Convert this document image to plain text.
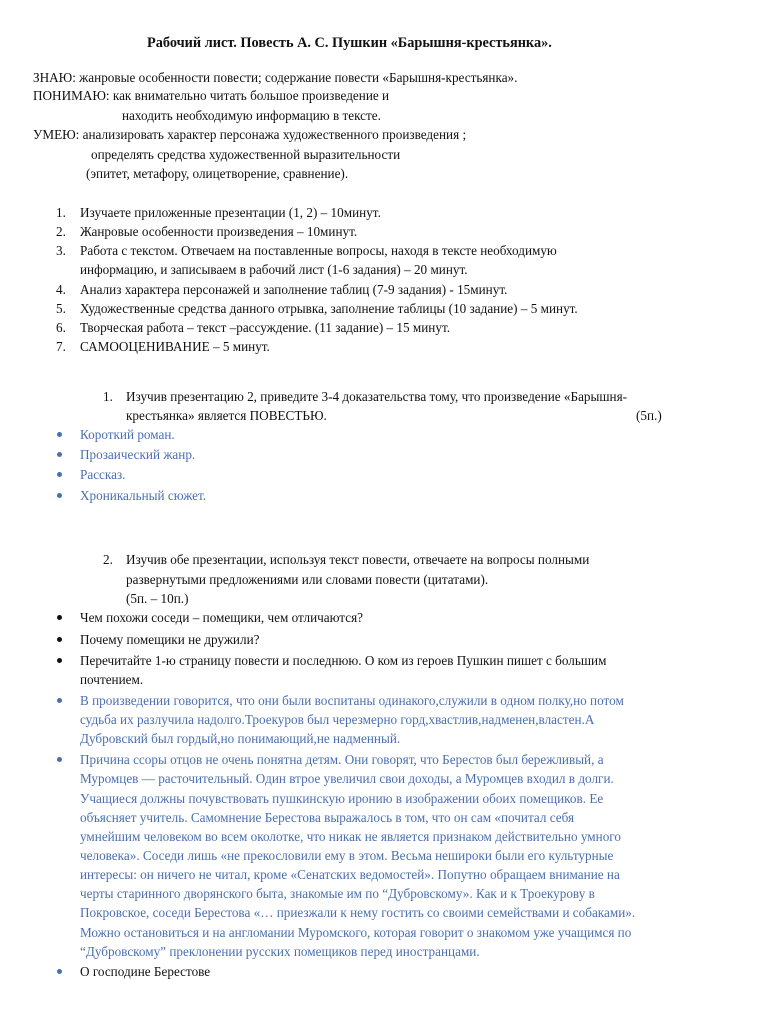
Рабочий лист. Повесть А. С. Пушкин «Барышня-крестьянка».
ЗНАЮ: жанровые особенности повести; содержание повести «Барышня-крестьянка».
ПОНИМАЮ: как внимательно читать большое произведение и
находить необходимую информацию в тексте.
УМЕЮ: анализировать характер персонажа художественного произведения ;
определять средства художественной выразительности
(эпитет, метафору, олицетворение, сравнение).
1. Изучаете приложенные презентации (1, 2) – 10минут.
2. Жанровые особенности произведения – 10минут.
3. Работа с текстом. Отвечаем на поставленные вопросы, находя в тексте необходимую
информацию, и записываем в рабочий лист (1-6 задания) – 20 минут.
4. Анализ характера персонажей и заполнение таблиц (7-9 задания) - 15минут.
5. Художественные средства данного отрывка, заполнение таблицы (10 задание) – 5 минут.
6. Творческая работа – текст –рассуждение. (11 задание) – 15 минут.
7. САМООЦЕНИВАНИЕ – 5 минут.
1. Изучив презентацию 2, приведите 3-4 доказательства тому, что произведение «Барышня-
крестьянка» является ПОВЕСТЬЮ.	(5п.)
Короткий роман.
Прозаический жанр.
Рассказ.
Хроникальный сюжет.
2. Изучив обе презентации, используя текст повести, отвечаете на вопросы полными
развернутыми предложениями или словами повести (цитатами).
(5п. – 10п.)
Чем похожи соседи – помещики, чем отличаются?
Почему помещики не дружили?
Перечитайте 1-ю страницу повести и последнюю. О ком из героев Пушкин пишет с большим
почтением.
В произведении говорится, что они были воспитаны одинакого,служили в одном полку,но потом
судьба их разлучила надолго.Троекуров был черезмерно горд,хвастлив,надменен,властен.А
Дубровский был гордый,но понимающий,не надменный.
Причина ссоры отцов не очень понятна детям. Они говорят, что Берестов был бережливый, а
Муромцев — расточительный. Один втрое увеличил свои доходы, а Муромцев входил в долги.
Учащиеся должны почувствовать пушкинскую иронию в изображении обоих помещиков. Ее
объясняет учитель. Самомнение Берестова выражалось в том, что он сам «почитал себя
умнейшим человеком во всем околотке, что никак не является признаком действительно умного
человека». Соседи лишь «не прекословили ему в этом. Весьма неширoки были его культурные
интересы: он ничего не читал, кроме «Сенатских ведомостей». Попутно обращаем внимание на
черты старинного дворянского быта, знакомые им по “Дубровскому». Как и к Троекурову в
Покровское, соседи Берестова «… приезжали к нему гостить со своими семействами и собаками».
Можно остановиться и на англомании Муромского, которая говорит о знакомом уже учащимся по
“Дубровскому” преклонении русских помещиков перед иностранцами.
О господине Берестове
